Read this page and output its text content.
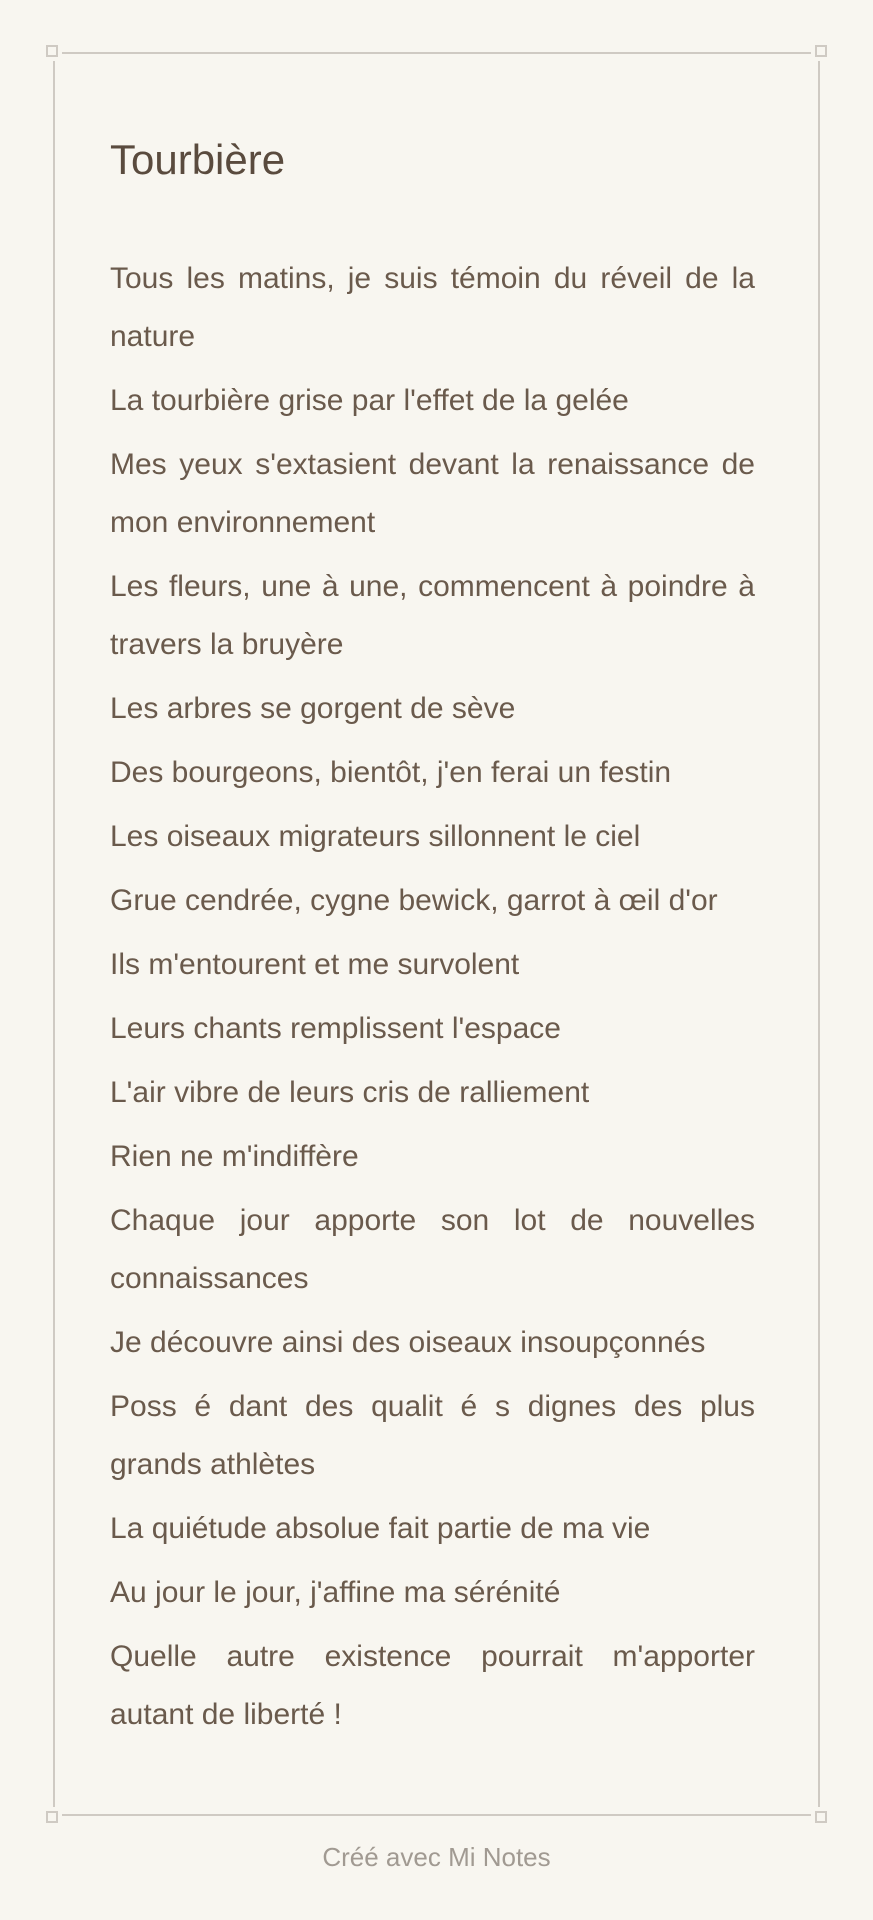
Tourbière
Tous les matins, je suis témoin du réveil de la nature
La tourbière grise par l'effet de la gelée
Mes yeux s'extasient devant la renaissance de mon environnement
Les fleurs, une à une, commencent à poindre à travers la bruyère
Les arbres se gorgent de sève
Des bourgeons, bientôt, j'en ferai un festin
Les oiseaux migrateurs sillonnent le ciel
Grue cendrée, cygne bewick, garrot à œil d'or
Ils m'entourent et me survolent
Leurs chants remplissent l'espace
L'air vibre de leurs cris de ralliement
Rien ne m'indiffère
Chaque jour apporte son lot de nouvelles connaissances
Je découvre ainsi des oiseaux insoupçonnés
Poss é dant des qualit é s dignes des plus grands athlètes
La quiétude absolue fait partie de ma vie
Au jour le jour, j'affine ma sérénité
Quelle autre existence pourrait m'apporter autant de liberté !
Créé avec Mi Notes
